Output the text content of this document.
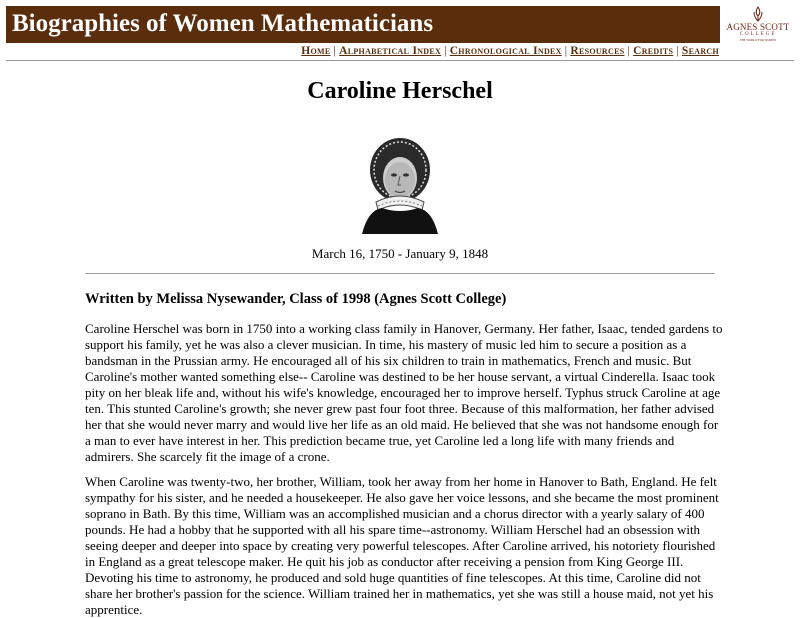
Biographies of Women Mathematicians	AGNES SCOTT
COLLEGE
THE WORLD FOR WOMEN
Home | Alphabetical Index | Chronological Index | Resources | Credits | Search
Caroline Herschel
March 16, 1750 - January 9, 1848
Written by Melissa Nysewander, Class of 1998 (Agnes Scott College)

Caroline Herschel was born in 1750 into a working class family in Hanover, Germany. Her father, Isaac, tended gardens to support his family, yet he was also a clever musician. In time, his mastery of music led him to secure a position as a bandsman in the Prussian army. He encouraged all of his six children to train in mathematics, French and music. But Caroline's mother wanted something else-- Caroline was destined to be her house servant, a virtual Cinderella. Isaac took pity on her bleak life and, without his wife's knowledge, encouraged her to improve herself. Typhus struck Caroline at age ten. This stunted Caroline's growth; she never grew past four foot three. Because of this malformation, her father advised her that she would never marry and would live her life as an old maid. He believed that she was not handsome enough for a man to ever have interest in her. This prediction became true, yet Caroline led a long life with many friends and admirers. She scarcely fit the image of a crone.

When Caroline was twenty-two, her brother, William, took her away from her home in Hanover to Bath, England. He felt sympathy for his sister, and he needed a housekeeper. He also gave her voice lessons, and she became the most prominent soprano in Bath. By this time, William was an accomplished musician and a chorus director with a yearly salary of 400 pounds. He had a hobby that he supported with all his spare time--astronomy. William Herschel had an obsession with seeing deeper and deeper into space by creating very powerful telescopes. After Caroline arrived, his notoriety flourished in England as a great telescope maker. He quit his job as conductor after receiving a pension from King George III. Devoting his time to astronomy, he produced and sold huge quantities of fine telescopes. At this time, Caroline did not share her brother's passion for the science. William trained her in mathematics, yet she was still a house maid, not yet his apprentice.
